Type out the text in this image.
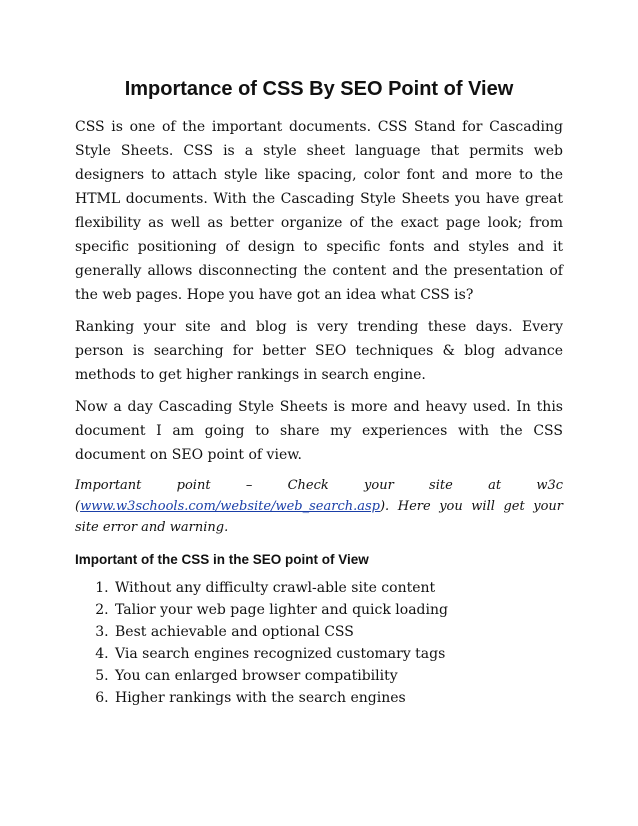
Importance of CSS By SEO Point of View

CSS is one of the important documents. CSS Stand for Cascading Style Sheets. CSS is a style sheet language that permits web designers to attach style like spacing, color font and more to the HTML documents. With the Cascading Style Sheets you have great flexibility as well as better organize of the exact page look; from specific positioning of design to specific fonts and styles and it generally allows disconnecting the content and the presentation of the web pages. Hope you have got an idea what CSS is?

Ranking your site and blog is very trending these days. Every person is searching for better SEO techniques & blog advance methods to get higher rankings in search engine.

Now a day Cascading Style Sheets is more and heavy used. In this document I am going to share my experiences with the CSS document on SEO point of view.

Important point – Check your site at w3c (www.w3schools.com/website/web_search.asp). Here you will get your site error and warning.

Important of the CSS in the SEO point of View
1. Without any difficulty crawl-able site content
2. Talior your web page lighter and quick loading
3. Best achievable and optional CSS
4. Via search engines recognized customary tags
5. You can enlarged browser compatibility
6. Higher rankings with the search engines
